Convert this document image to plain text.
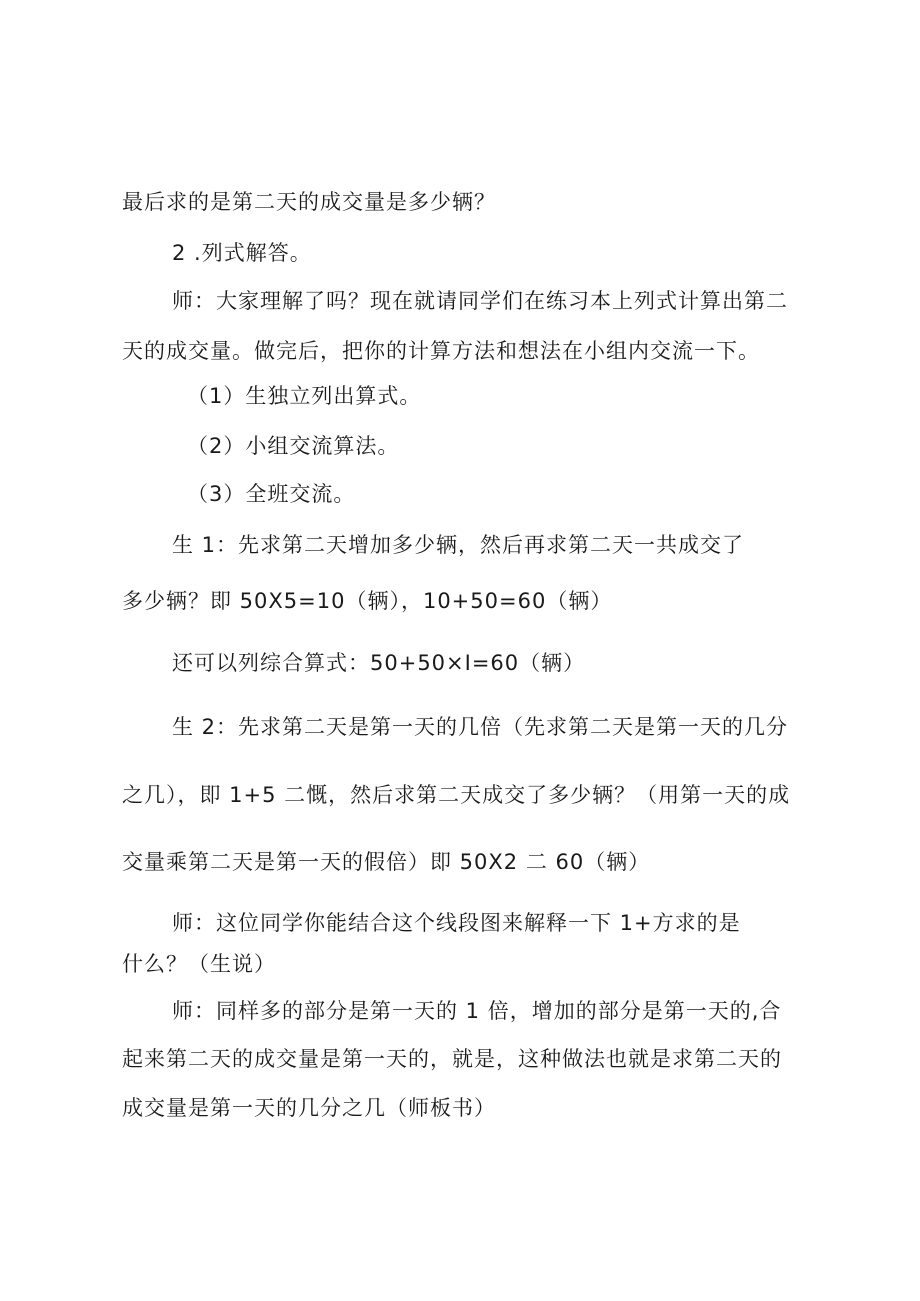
最后求的是第二天的成交量是多少辆？
2 .列式解答。
师：大家理解了吗？现在就请同学们在练习本上列式计算出第二
天的成交量。做完后，把你的计算方法和想法在小组内交流一下。
（1）生独立列出算式。
（2）小组交流算法。
（3）全班交流。
生 1：先求第二天增加多少辆，然后再求第二天一共成交了
多少辆？即 50X5=10（辆），10+50=60（辆）
还可以列综合算式：50+50×I=60（辆）
生 2：先求第二天是第一天的几倍（先求第二天是第一天的几分
之几），即 1+5 二慨，然后求第二天成交了多少辆？（用第一天的成
交量乘第二天是第一天的假倍）即 50X2 二 60（辆）
师：这位同学你能结合这个线段图来解释一下 1+方求的是
什么？（生说）
师：同样多的部分是第一天的 1 倍，增加的部分是第一天的,合
起来第二天的成交量是第一天的，就是，这种做法也就是求第二天的
成交量是第一天的几分之几（师板书）
